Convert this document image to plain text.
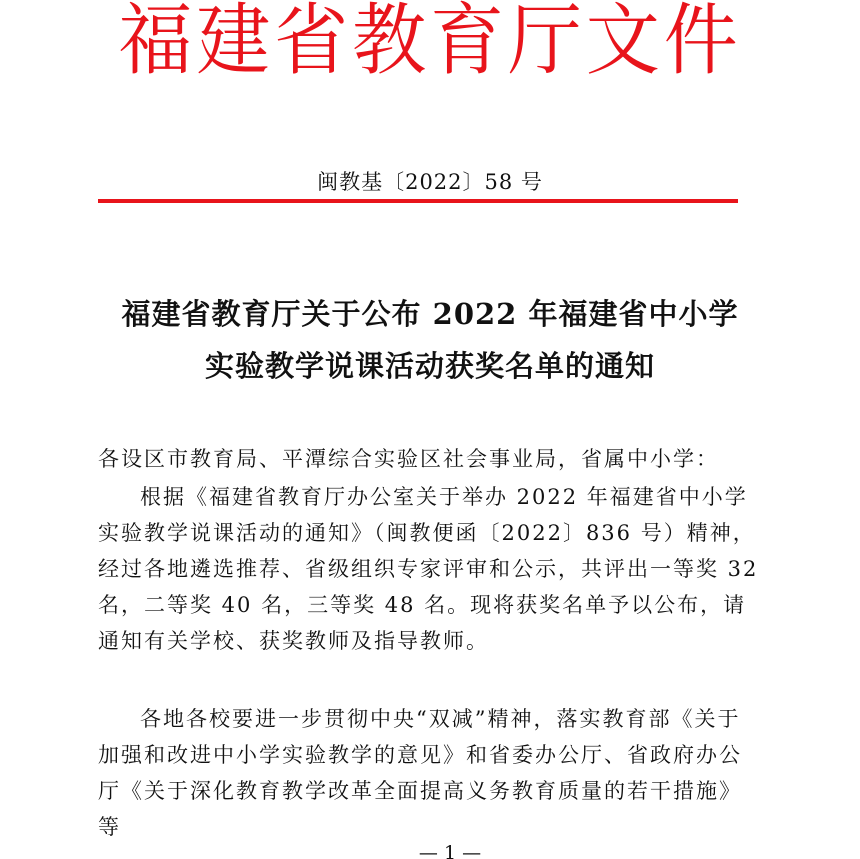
福建省教育厅文件
闽教基〔2022〕58 号
福建省教育厅关于公布 2022 年福建省中小学
实验教学说课活动获奖名单的通知

各设区市教育局、平潭综合实验区社会事业局，省属中小学：

根据《福建省教育厅办公室关于举办 2022 年福建省中小学实验教学说课活动的通知》（闽教便函〔2022〕836 号）精神，经过各地遴选推荐、省级组织专家评审和公示，共评出一等奖 32 名，二等奖 40 名，三等奖 48 名。现将获奖名单予以公布，请通知有关学校、获奖教师及指导教师。

各地各校要进一步贯彻中央“双减”精神，落实教育部《关于加强和改进中小学实验教学的意见》和省委办公厅、省政府办公厅《关于深化教育教学改革全面提高义务教育质量的若干措施》等

— 1 —
